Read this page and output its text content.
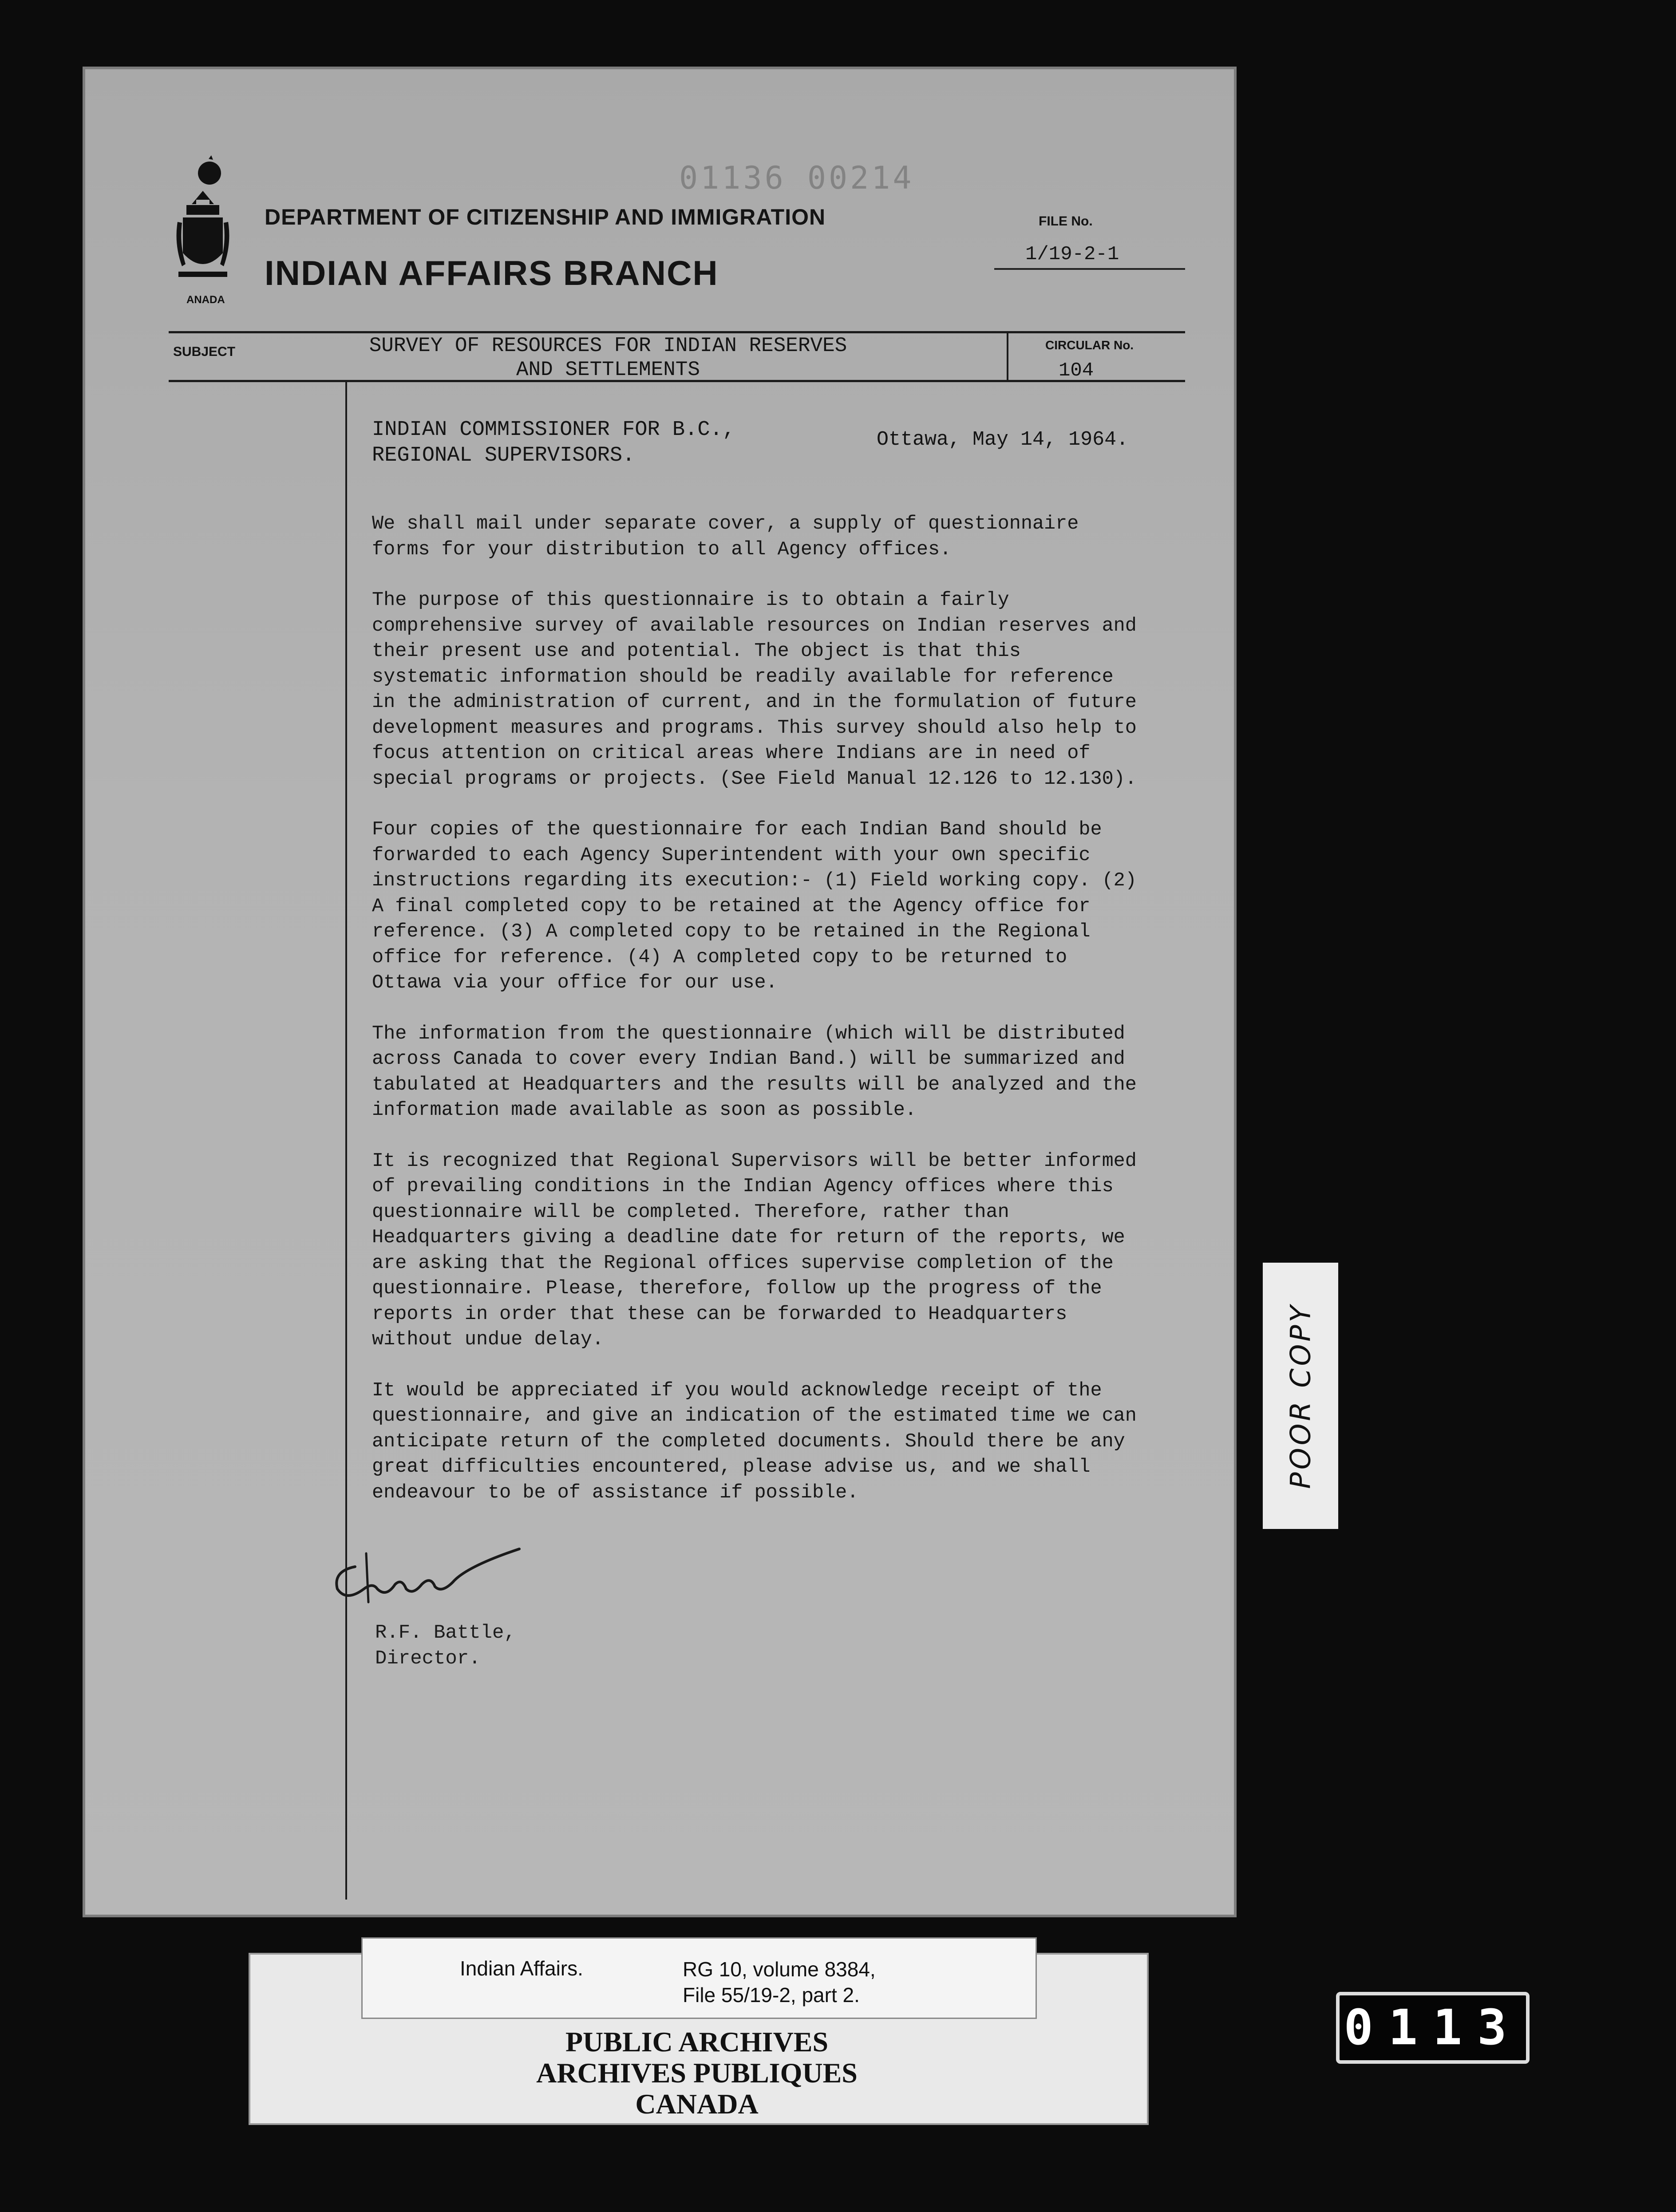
01136 00214
ANADA
DEPARTMENT OF CITIZENSHIP AND IMMIGRATION
INDIAN AFFAIRS BRANCH
FILE No.
1/19-2-1
SUBJECT	SURVEY OF RESOURCES FOR INDIAN RESERVES
AND SETTLEMENTS
CIRCULAR No.
104
INDIAN COMMISSIONER FOR B.C.,
REGIONAL SUPERVISORS.
Ottawa, May 14, 1964.

We shall mail under separate cover, a supply of questionnaire forms for your distribution to all Agency offices.

The purpose of this questionnaire is to obtain a fairly comprehensive survey of available resources on Indian reserves and their present use and potential. The object is that this systematic information should be readily available for reference in the administration of current, and in the formulation of future development measures and programs. This survey should also help to focus attention on critical areas where Indians are in need of special programs or projects. (See Field Manual 12.126 to 12.130).

Four copies of the questionnaire for each Indian Band should be forwarded to each Agency Superintendent with your own specific instructions regarding its execution:- (1) Field working copy. (2) A final completed copy to be retained at the Agency office for reference. (3) A completed copy to be retained in the Regional office for reference. (4) A completed copy to be returned to Ottawa via your office for our use.

The information from the questionnaire (which will be distributed across Canada to cover every Indian Band.) will be summarized and tabulated at Headquarters and the results will be analyzed and the information made available as soon as possible.

It is recognized that Regional Supervisors will be better informed of prevailing conditions in the Indian Agency offices where this questionnaire will be completed. Therefore, rather than Headquarters giving a deadline date for return of the reports, we are asking that the Regional offices supervise completion of the questionnaire. Please, therefore, follow up the progress of the reports in order that these can be forwarded to Headquarters without undue delay.

It would be appreciated if you would acknowledge receipt of the questionnaire, and give an indication of the estimated time we can anticipate return of the completed documents. Should there be any great difficulties encountered, please advise us, and we shall endeavour to be of assistance if possible.

R.F. Battle,
Director.
POOR COPY
Indian Affairs.	RG 10, volume 8384,
File 55/19-2, part 2.
PUBLIC ARCHIVES
ARCHIVES PUBLIQUES
CANADA
0113
